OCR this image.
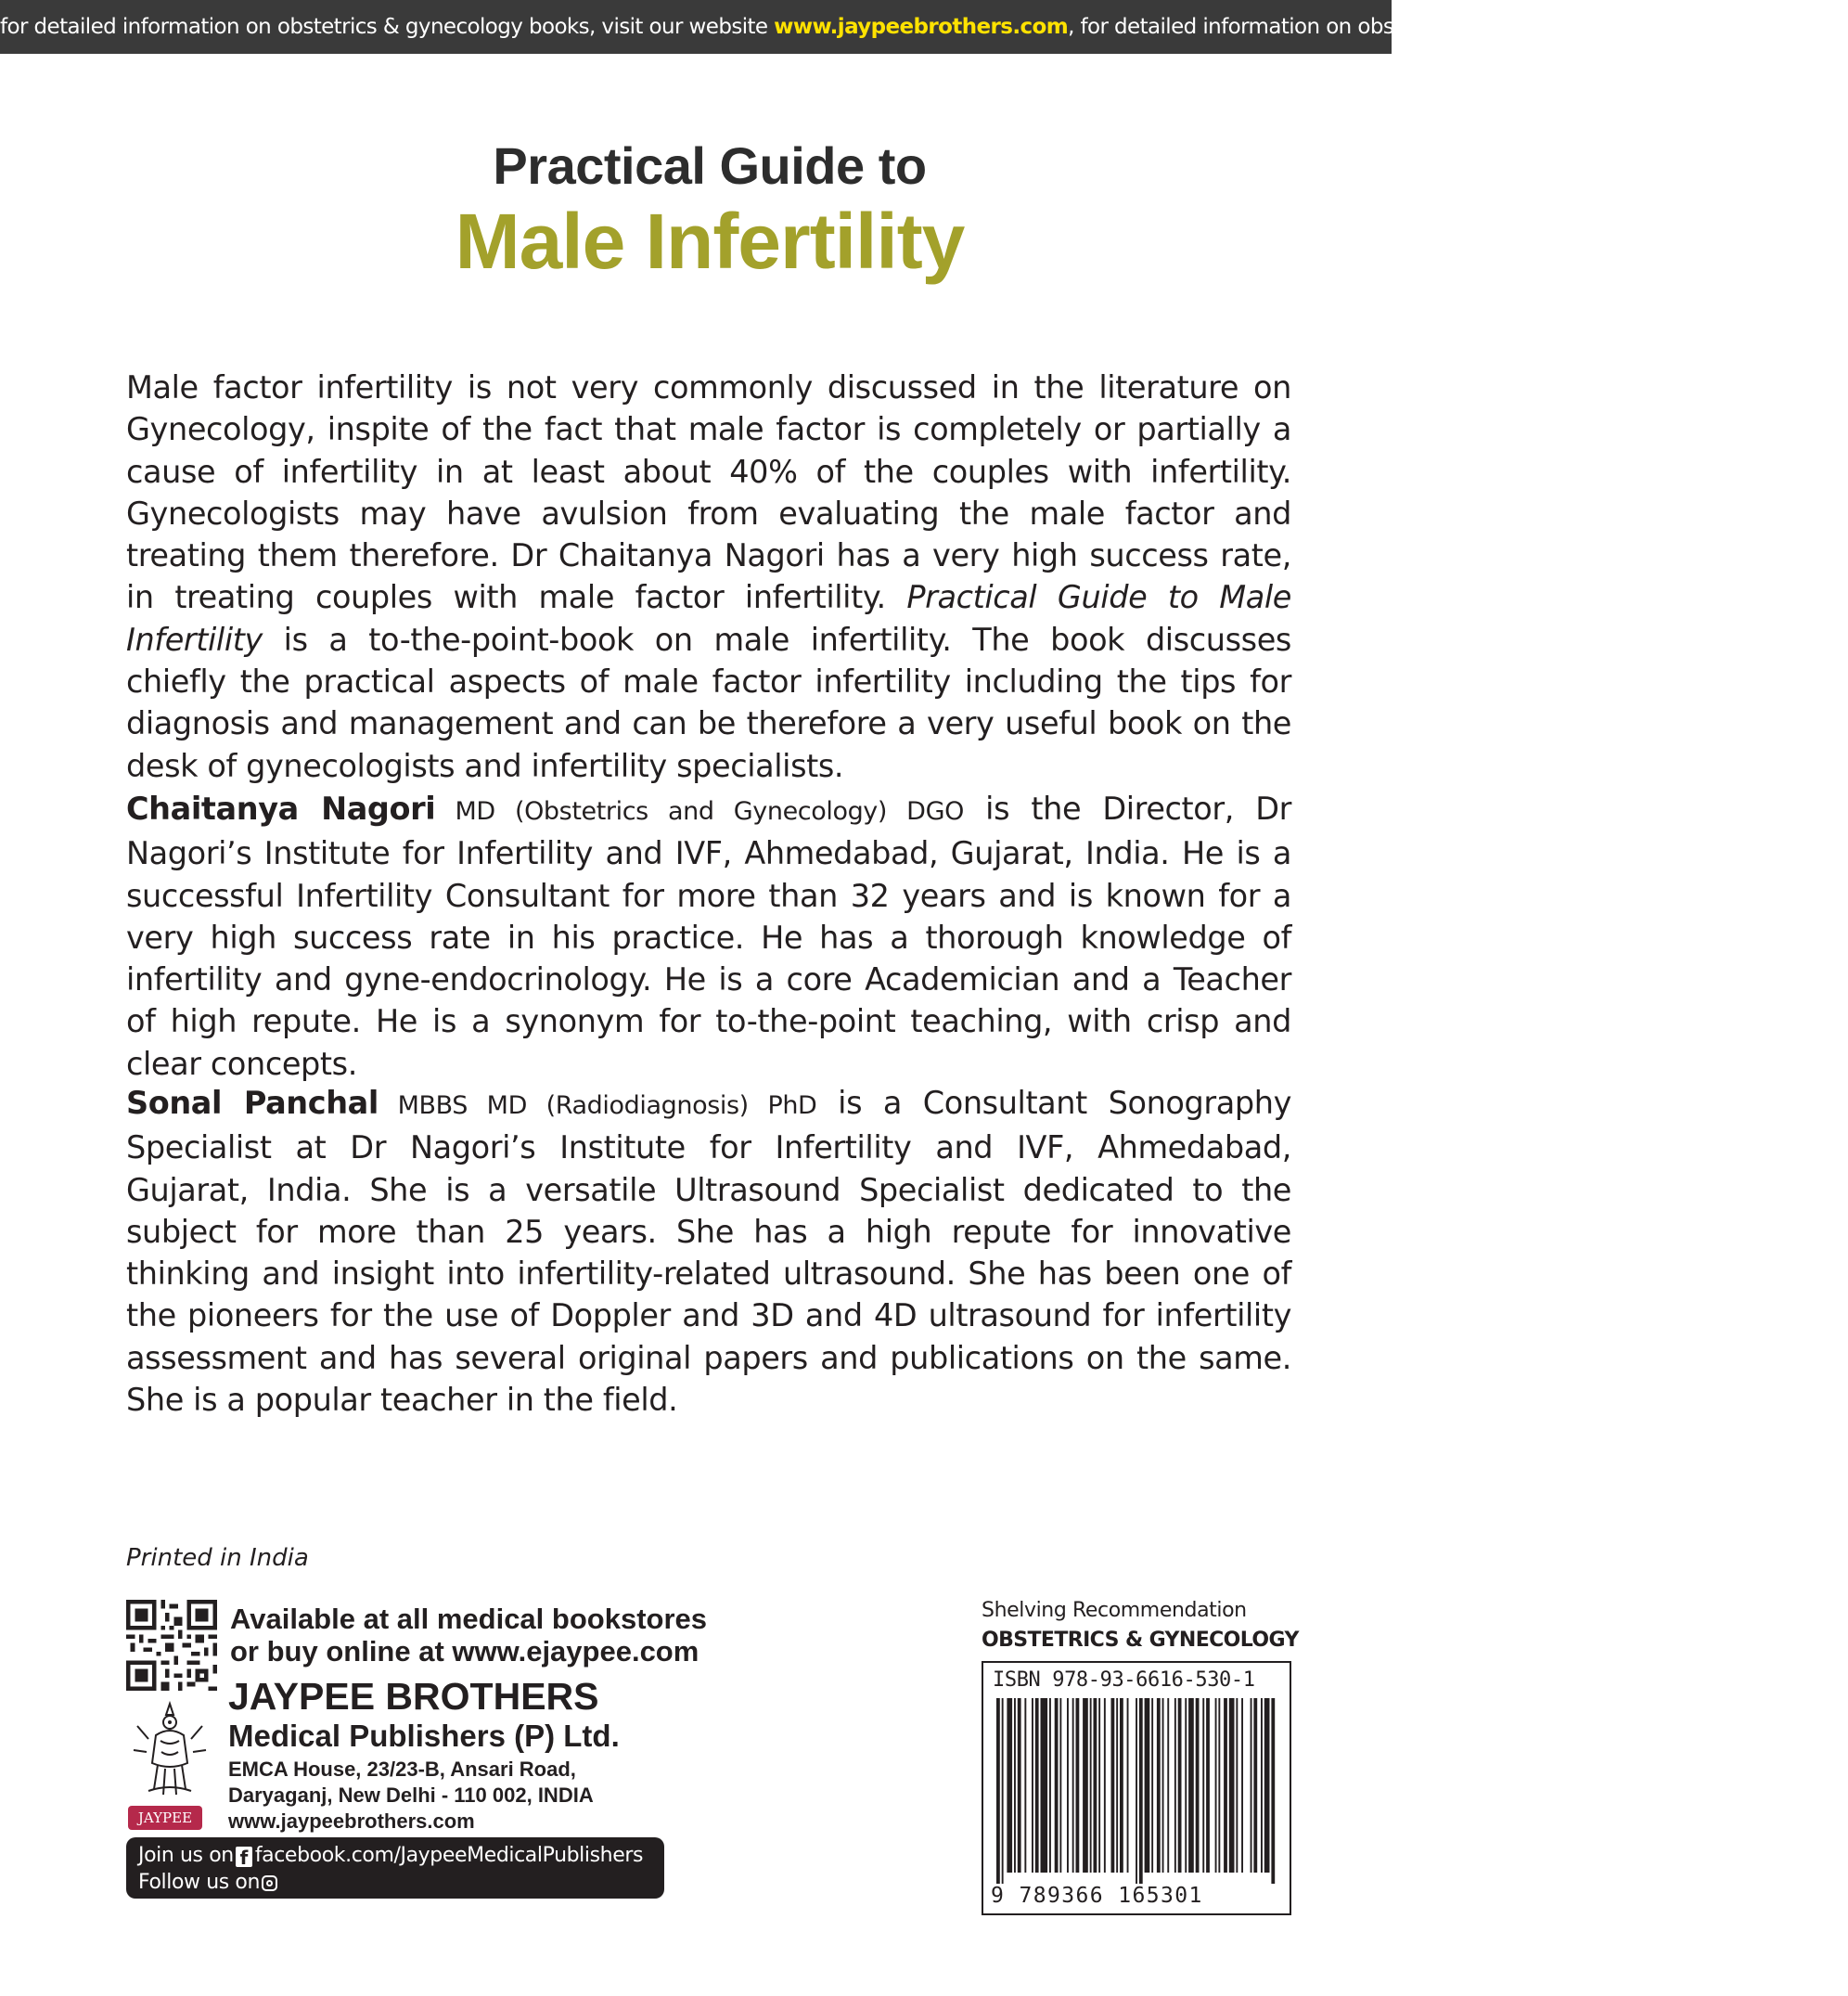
for detailed information on obstetrics & gynecology books, visit our website www.jaypeebrothers.com, for detailed information on obstetrics & gynecology books, visit our website
Practical Guide to
Male Infertility

Male factor infertility is not very commonly discussed in the literature on Gynecology, inspite of the fact that male factor is completely or partially a cause of infertility in at least about 40% of the couples with infertility. Gynecologists may have avulsion from evaluating the male factor and treating them therefore. Dr Chaitanya Nagori has a very high success rate, in treating couples with male factor infertility. Practical Guide to Male Infertility is a to-the-point-book on male infertility. The book discusses chiefly the practical aspects of male factor infertility including the tips for diagnosis and management and can be therefore a very useful book on the desk of gynecologists and infertility specialists.

Chaitanya Nagori MD (Obstetrics and Gynecology) DGO is the Director, Dr Nagori’s Institute for Infertility and IVF, Ahmedabad, Gujarat, India. He is a successful Infertility Consultant for more than 32 years and is known for a very high success rate in his practice. He has a thorough knowledge of infertility and gyne-endocrinology. He is a core Academician and a Teacher of high repute. He is a synonym for to-the-point teaching, with crisp and clear concepts.

Sonal Panchal MBBS MD (Radiodiagnosis) PhD is a Consultant Sonography Specialist at Dr Nagori’s Institute for Infertility and IVF, Ahmedabad, Gujarat, India. She is a versatile Ultrasound Specialist dedicated to the subject for more than 25 years. She has a high repute for innovative thinking and insight into infertility-related ultrasound. She has been one of the pioneers for the use of Doppler and 3D and 4D ultrasound for infertility assessment and has several original papers and publications on the same. She is a popular teacher in the field.

Printed in India
Available at all medical bookstores
or buy online at www.ejaypee.com
JAYPEE
JAYPEE BROTHERS
Medical Publishers (P) Ltd.
EMCA House, 23/23-B, Ansari Road,
Daryaganj, New Delhi - 110 002, INDIA
www.jaypeebrothers.com
Join us on f facebook.com/JaypeeMedicalPublishers
Follow us oninstagram.com/JaypeeMedicalPublishers
Shelving Recommendation
OBSTETRICS & GYNECOLOGY
ISBN 978-93-6616-530-1
9 789366 165301
